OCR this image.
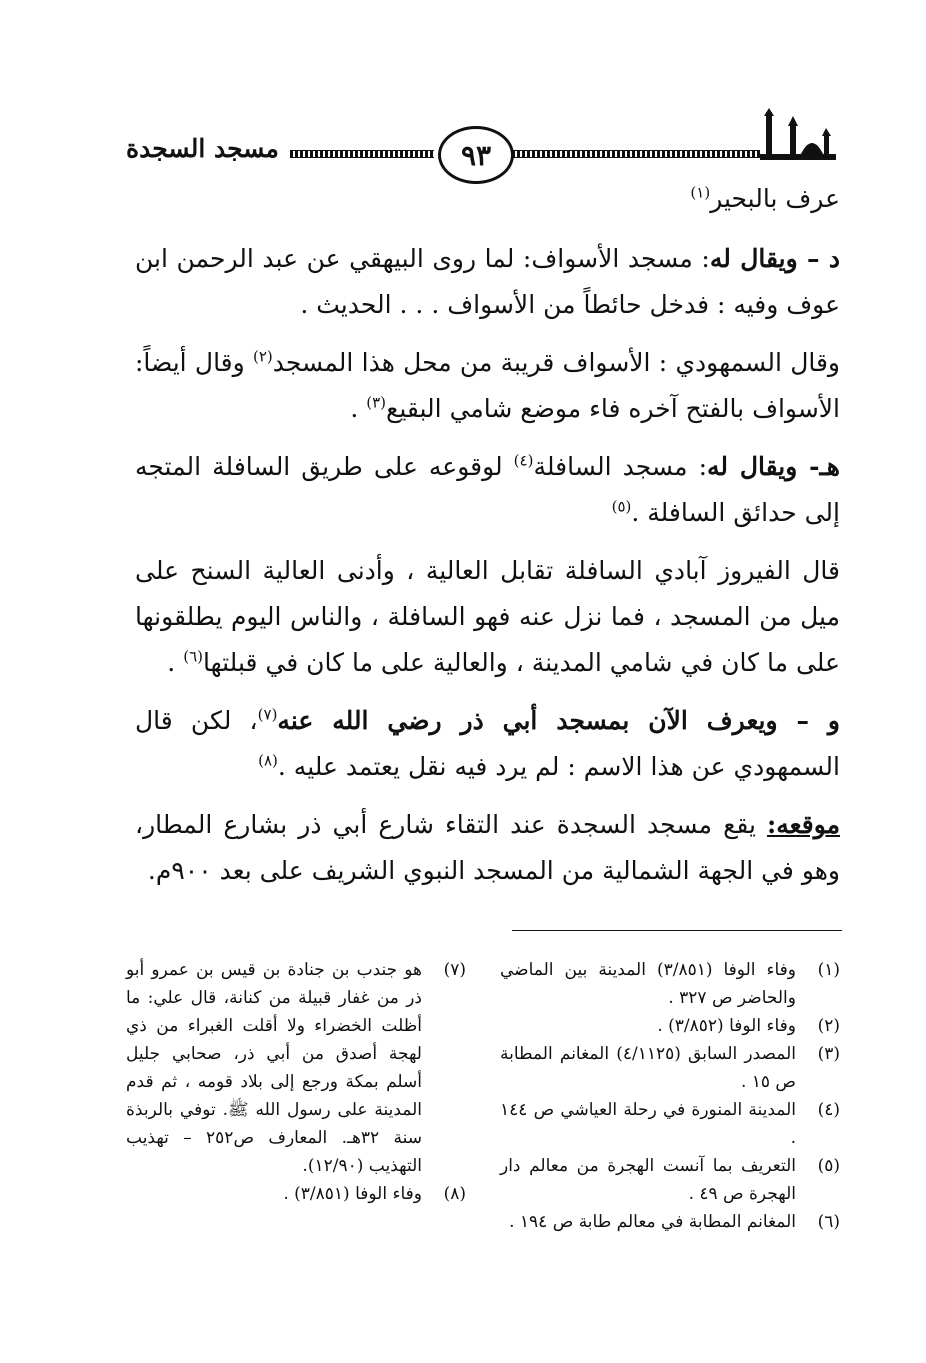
٩٣
مسجد السجدة

عرف بالبحير$^{(١)}$

د – ويقال له: مسجد الأسواف: لما روى البيهقي عن عبد الرحمن ابن عوف وفيه : فدخل حائطاً من الأسواف . . . الحديث .

وقال السمهودي : الأسواف قريبة من محل هذا المسجد$^{(٢)}$ وقال أيضاً: الأسواف بالفتح آخره فاء موضع شامي البقيع$^{(٣)}$ .

هـ- ويقال له: مسجد السافلة$^{(٤)}$ لوقوعه على طريق السافلة المتجه إلى حدائق السافلة .$^{(٥)}$

قال الفيروز آبادي السافلة تقابل العالية ، وأدنى العالية السنح على ميل من المسجد ، فما نزل عنه فهو السافلة ، والناس اليوم يطلقونها على ما كان في شامي المدينة ، والعالية على ما كان في قبلتها$^{(٦)}$ .

و – ويعرف الآن بمسجد أبي ذر رضي الله عنه$^{(٧)}$، لكن قال السمهودي عن هذا الاسم : لم يرد فيه نقل يعتمد عليه .$^{(٨)}$

موقعه: يقع مسجد السجدة عند التقاء شارع أبي ذر بشارع المطار، وهو في الجهة الشمالية من المسجد النبوي الشريف على بعد ٩٠٠م.

(١)
وفاء الوفا (٣/٨٥١) المدينة بين الماضي والحاضر ص ٣٢٧ .

(٢)
وفاء الوفا (٣/٨٥٢) .

(٣)
المصدر السابق (٤/١١٢٥) المغانم المطابة ص ١٥ .

(٤)
المدينة المنورة في رحلة العياشي ص ١٤٤ .

(٥)
التعريف بما آنست الهجرة من معالم دار الهجرة ص ٤٩ .

(٦)
المغانم المطابة في معالم طابة ص ١٩٤ .

(٧)
هو جندب بن جنادة بن قيس بن عمرو أبو ذر من غفار قبيلة من كنانة، قال علي: ما أظلت الخضراء ولا أقلت الغبراء من ذي لهجة أصدق من أبي ذر، صحابي جليل أسلم بمكة ورجع إلى بلاد قومه ، ثم قدم المدينة على رسول الله ﷺ. توفي بالربذة سنة ٣٢هـ. المعارف ص٢٥٢ – تهذيب التهذيب (١٢/٩٠).

(٨)
وفاء الوفا (٣/٨٥١) .
